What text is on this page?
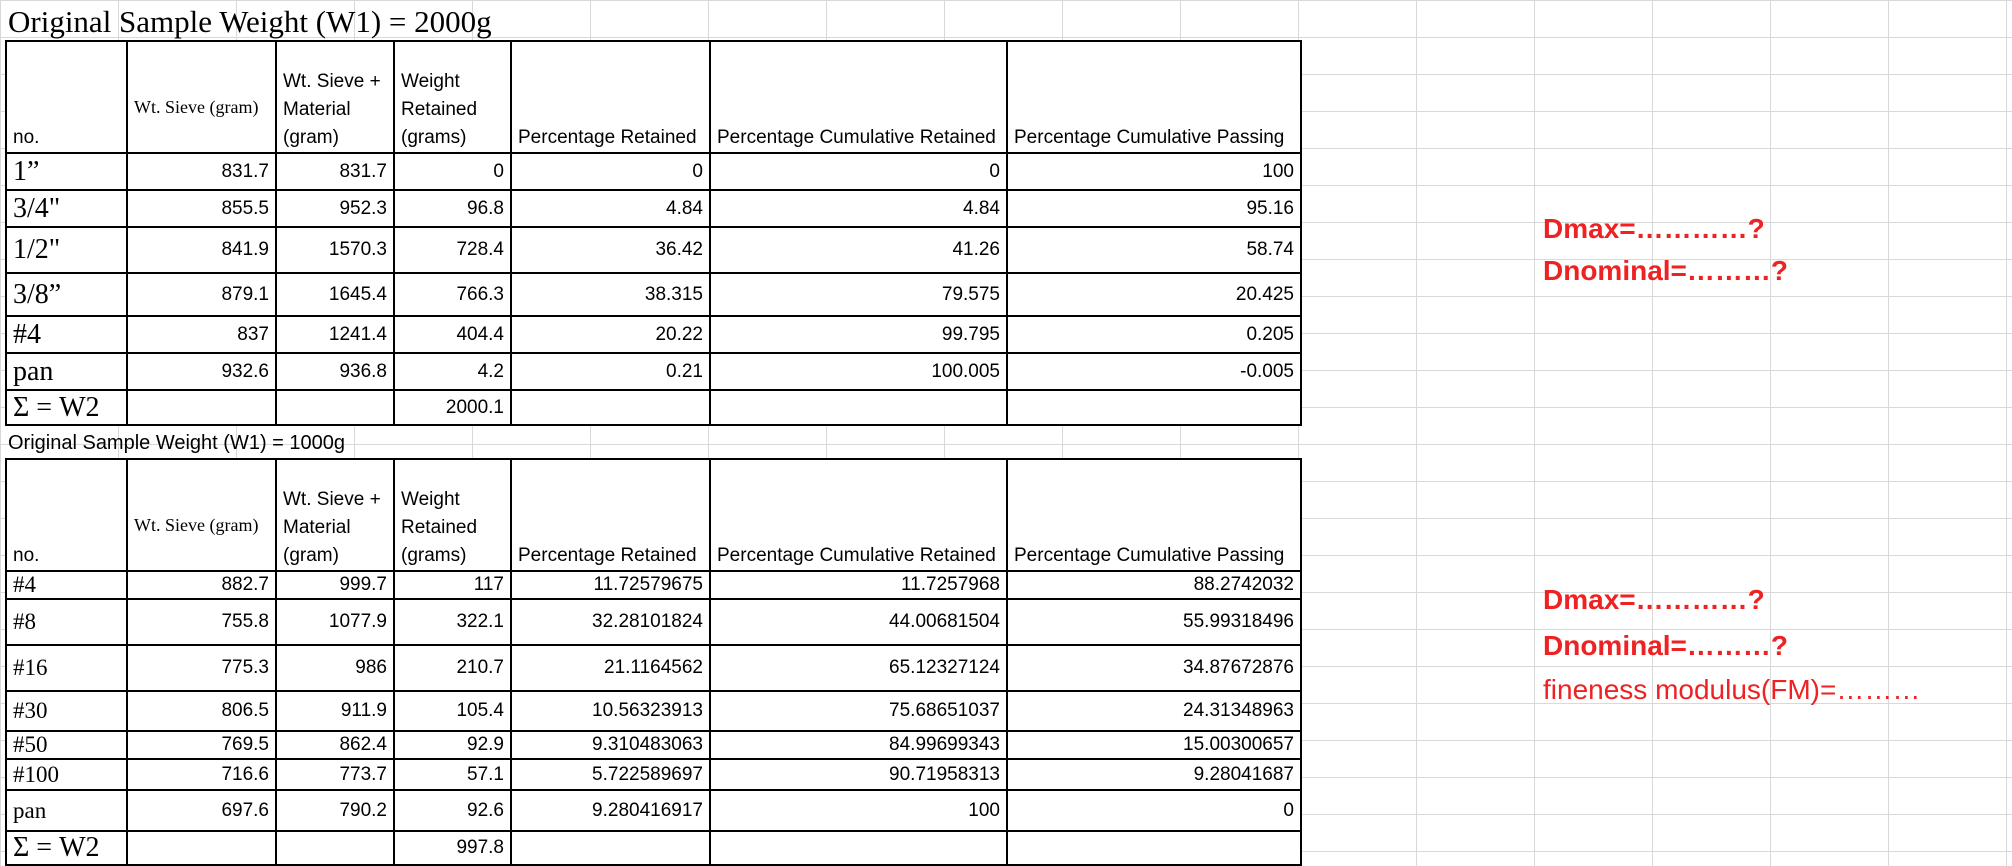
Original Sample Weight (W1) = 2000g
no.	Wt. Sieve (gram)	Wt. Sieve + Material (gram)	Weight Retained (grams)	Percentage Retained	Percentage Cumulative Retained	Percentage Cumulative Passing
1”	831.7	831.7	0	0	0	100
3/4"	855.5	952.3	96.8	4.84	4.84	95.16
1/2"	841.9	1570.3	728.4	36.42	41.26	58.74
3/8”	879.1	1645.4	766.3	38.315	79.575	20.425
#4	837	1241.4	404.4	20.22	99.795	0.205
pan	932.6	936.8	4.2	0.21	100.005	-0.005
Σ = W2			2000.1			
Original Sample Weight (W1) = 1000g
no.	Wt. Sieve (gram)	Wt. Sieve + Material (gram)	Weight Retained (grams)	Percentage Retained	Percentage Cumulative Retained	Percentage Cumulative Passing
#4	882.7	999.7	117	11.72579675	11.7257968	88.2742032
#8	755.8	1077.9	322.1	32.28101824	44.00681504	55.99318496
#16	775.3	986	210.7	21.1164562	65.12327124	34.87672876
#30	806.5	911.9	105.4	10.56323913	75.68651037	24.31348963
#50	769.5	862.4	92.9	9.310483063	84.99699343	15.00300657
#100	716.6	773.7	57.1	5.722589697	90.71958313	9.28041687
pan	697.6	790.2	92.6	9.280416917	100	0
Σ = W2			997.8			
Dmax=…………?
Dnominal=………?
Dmax=…………?
Dnominal=………?
fineness modulus(FM)=………
